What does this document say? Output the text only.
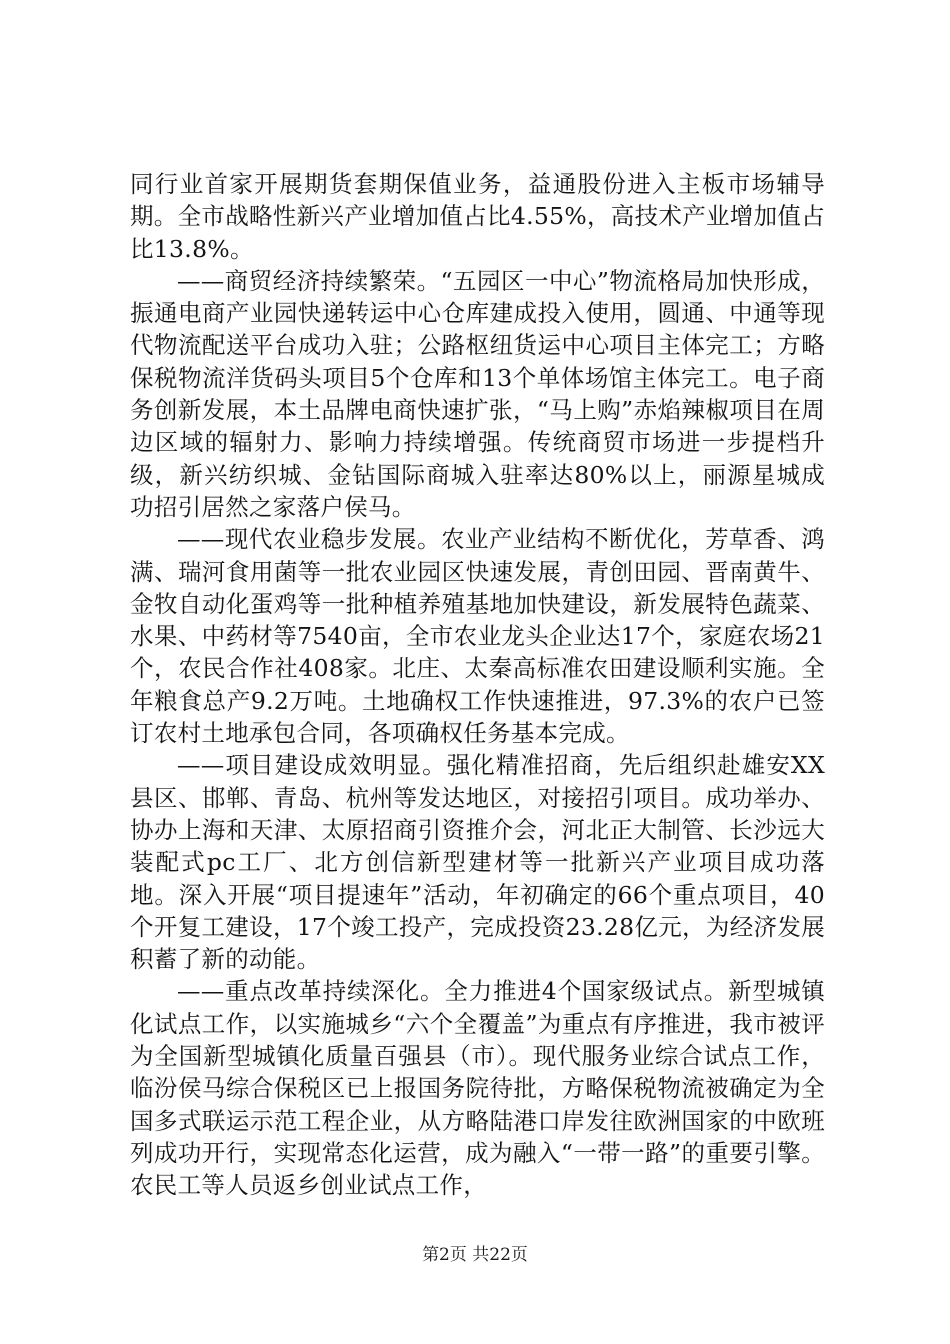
同行业首家开展期货套期保值业务，益通股份进入主板市场辅导期。全市战略性新兴产业增加值占比4.55%，高技术产业增加值占比13.8%。

——商贸经济持续繁荣。“五园区一中心”物流格局加快形成，振通电商产业园快递转运中心仓库建成投入使用，圆通、中通等现代物流配送平台成功入驻；公路枢纽货运中心项目主体完工；方略保税物流洋货码头项目5个仓库和13个单体场馆主体完工。电子商务创新发展，本土品牌电商快速扩张，“马上购”赤焰辣椒项目在周边区域的辐射力、影响力持续增强。传统商贸市场进一步提档升级，新兴纺织城、金钻国际商城入驻率达80%以上，丽源星城成功招引居然之家落户侯马。

——现代农业稳步发展。农业产业结构不断优化，芳草香、鸿满、瑞河食用菌等一批农业园区快速发展，青创田园、晋南黄牛、金牧自动化蛋鸡等一批种植养殖基地加快建设，新发展特色蔬菜、水果、中药材等7540亩，全市农业龙头企业达17个，家庭农场21个，农民合作社408家。北庄、太秦高标准农田建设顺利实施。全年粮食总产9.2万吨。土地确权工作快速推进，97.3%的农户已签订农村土地承包合同，各项确权任务基本完成。

——项目建设成效明显。强化精准招商，先后组织赴雄安XX县区、邯郸、青岛、杭州等发达地区，对接招引项目。成功举办、协办上海和天津、太原招商引资推介会，河北正大制管、长沙远大装配式pc工厂、北方创信新型建材等一批新兴产业项目成功落地。深入开展“项目提速年”活动，年初确定的66个重点项目，40个开复工建设，17个竣工投产，完成投资23.28亿元，为经济发展积蓄了新的动能。

——重点改革持续深化。全力推进4个国家级试点。新型城镇化试点工作，以实施城乡“六个全覆盖”为重点有序推进，我市被评为全国新型城镇化质量百强县（市）。现代服务业综合试点工作，临汾侯马综合保税区已上报国务院待批，方略保税物流被确定为全国多式联运示范工程企业，从方略陆港口岸发往欧洲国家的中欧班列成功开行，实现常态化运营，成为融入“一带一路”的重要引擎。农民工等人员返乡创业试点工作，

第2页 共22页
